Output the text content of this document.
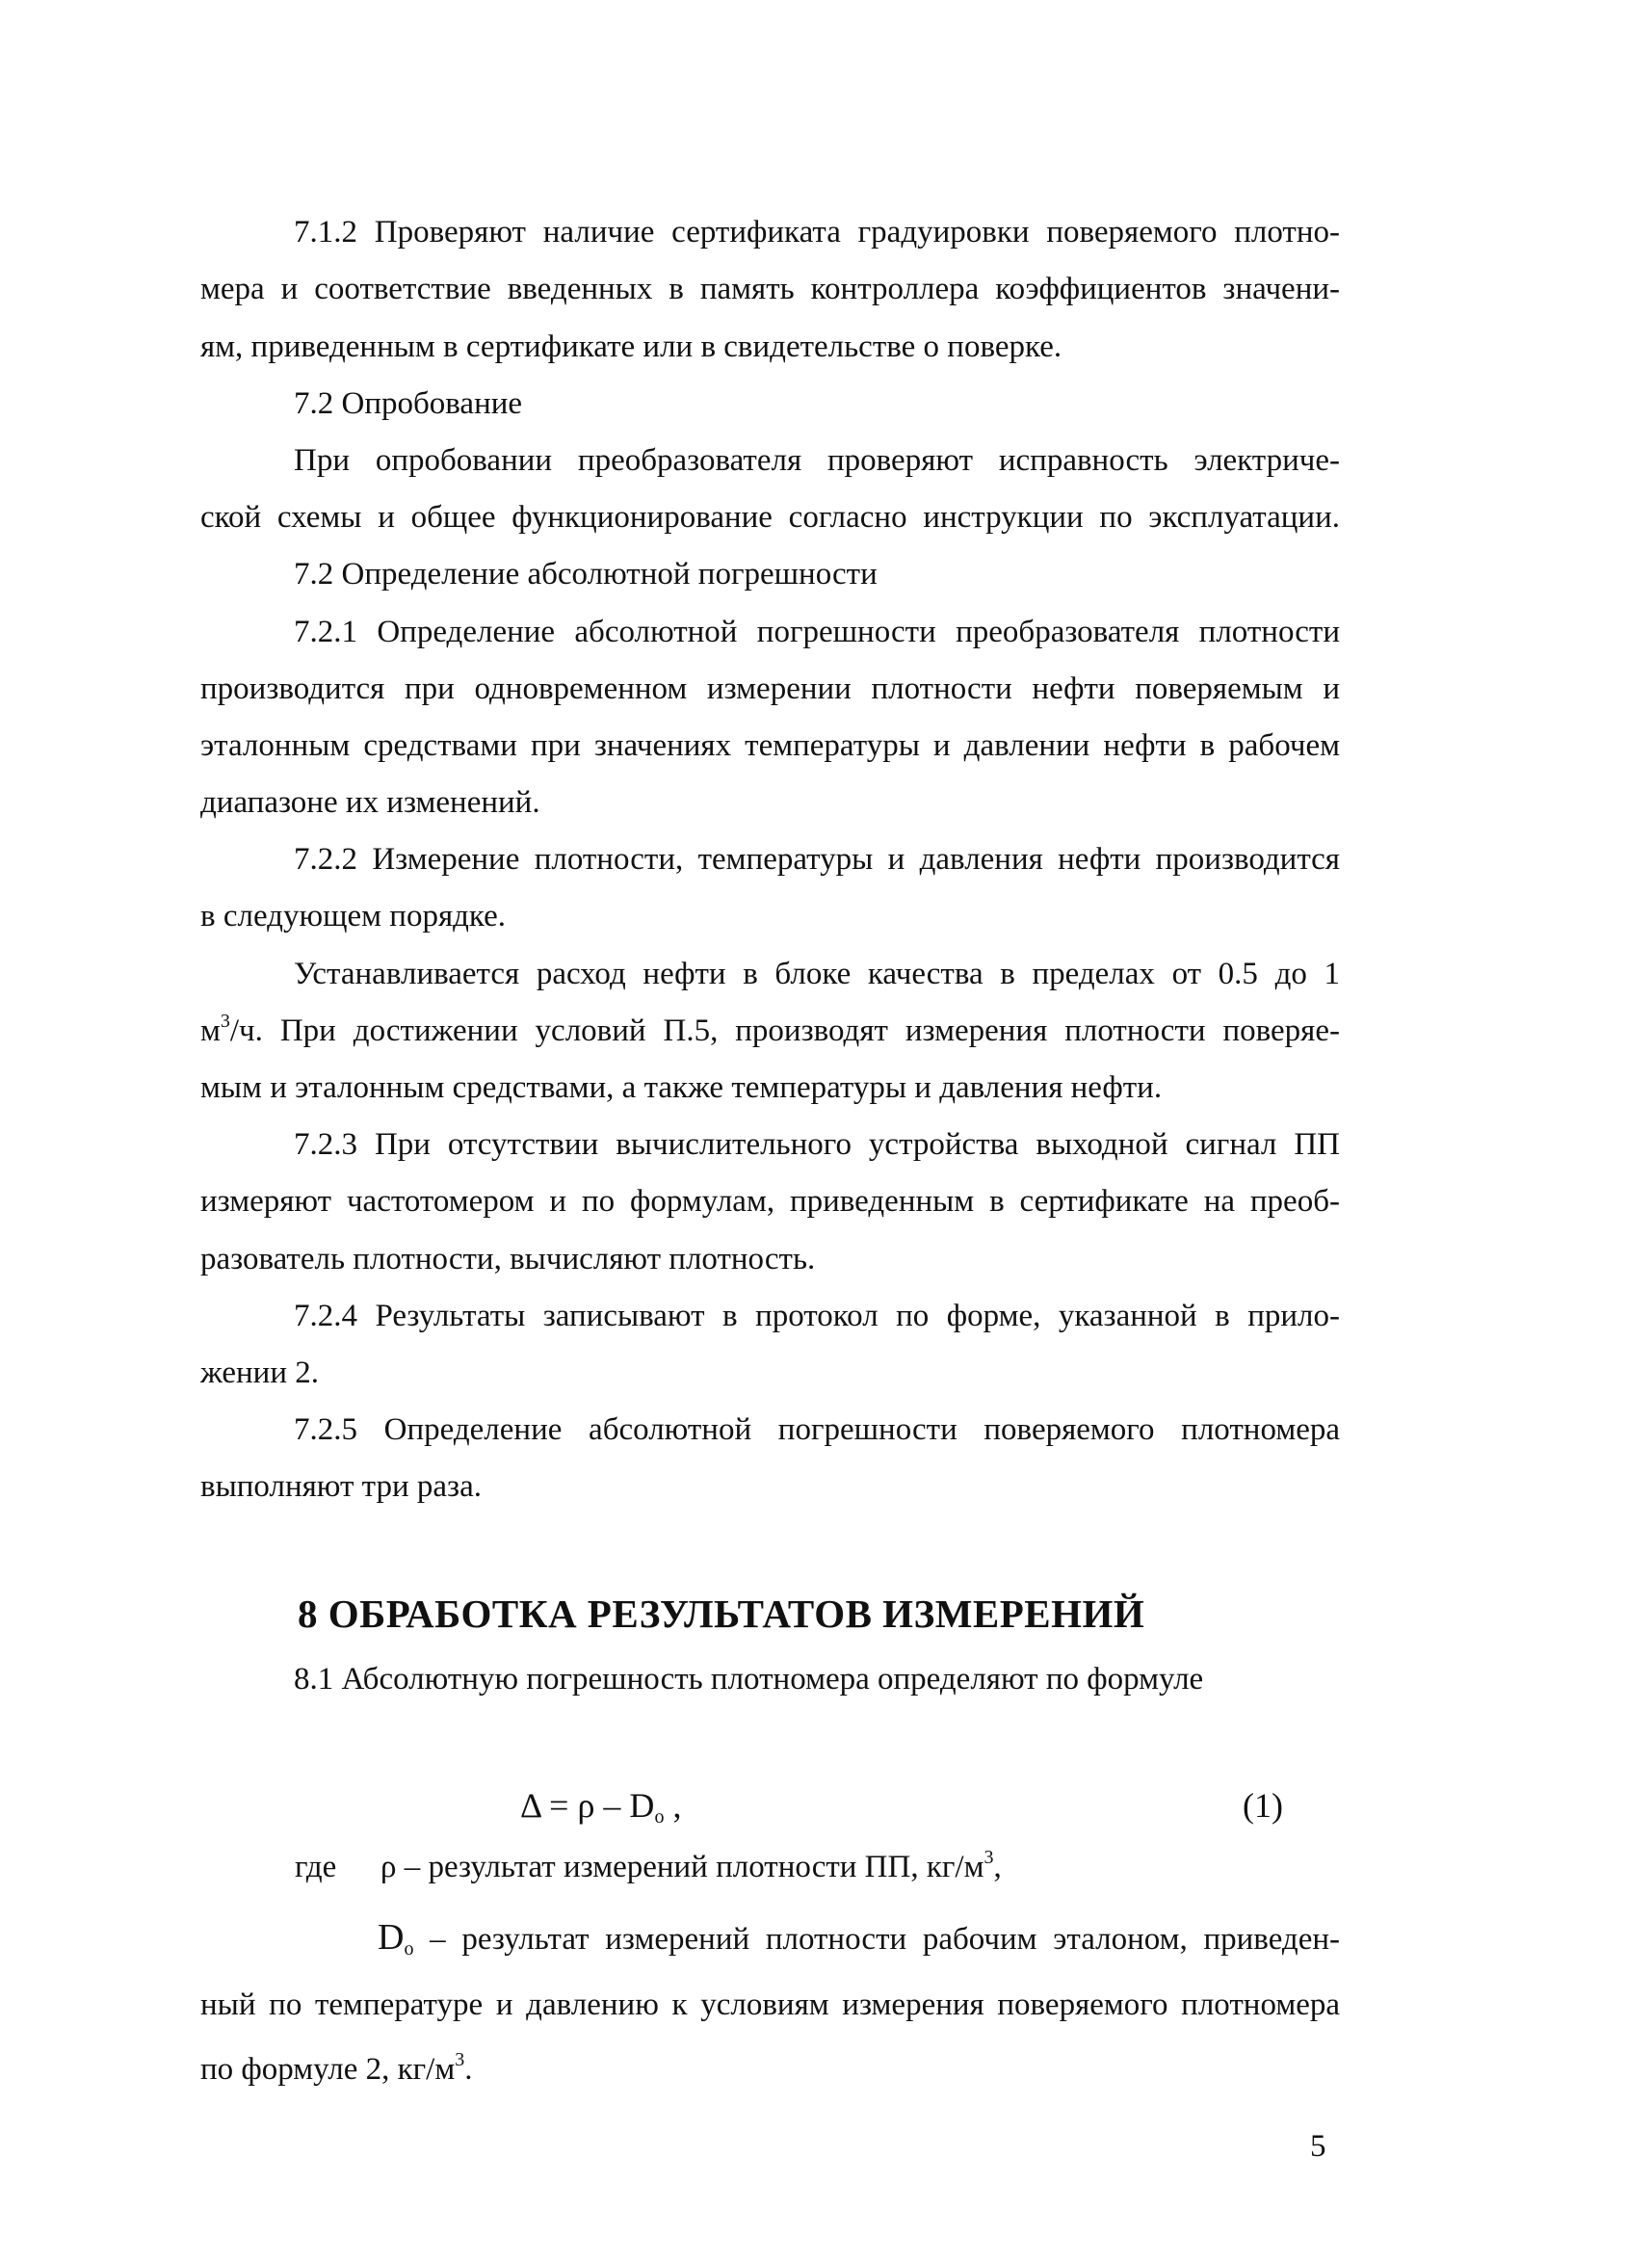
7.1.2 Проверяют наличие сертификата градуировки поверяемого плотно-
мера и соответствие введенных в память контроллера коэффициентов значени-
ям, приведенным в сертификате или в свидетельстве о поверке.
7.2 Опробование
При опробовании преобразователя проверяют исправность электриче-
ской схемы и общее функционирование согласно инструкции по эксплуатации.
7.2 Определение абсолютной погрешности
7.2.1 Определение абсолютной погрешности преобразователя плотности
производится при одновременном измерении плотности нефти поверяемым и
эталонным средствами при значениях температуры и давлении нефти в рабочем
диапазоне их изменений.
7.2.2 Измерение плотности, температуры и давления нефти производится
в следующем порядке.
Устанавливается расход нефти в блоке качества в пределах от 0.5 до 1
$м^3/ч$. При достижении условий П.5, производят измерения плотности поверяе-
мым и эталонным средствами, а также температуры и давления нефти.
7.2.3 При отсутствии вычислительного устройства выходной сигнал ПП
измеряют частотомером и по формулам, приведенным в сертификате на преоб-
разователь плотности, вычисляют плотность.
7.2.4 Результаты записывают в протокол по форме, указанной в прило-
жении 2.
7.2.5 Определение абсолютной погрешности поверяемого плотномера
выполняют три раза.
8 ОБРАБОТКА РЕЗУЛЬТАТОВ ИЗМЕРЕНИЙ
8.1 Абсолютную погрешность плотномера определяют по формуле
$\Delta = \rho - D_о$ ,	(1)
где ρ – результат измерений плотности ПП, $кг/м^3$,
$D_о$ – результат измерений плотности рабочим эталоном, приведен-
ный по температуре и давлению к условиям измерения поверяемого плотномера
по формуле 2, $кг/м^3$.
5
